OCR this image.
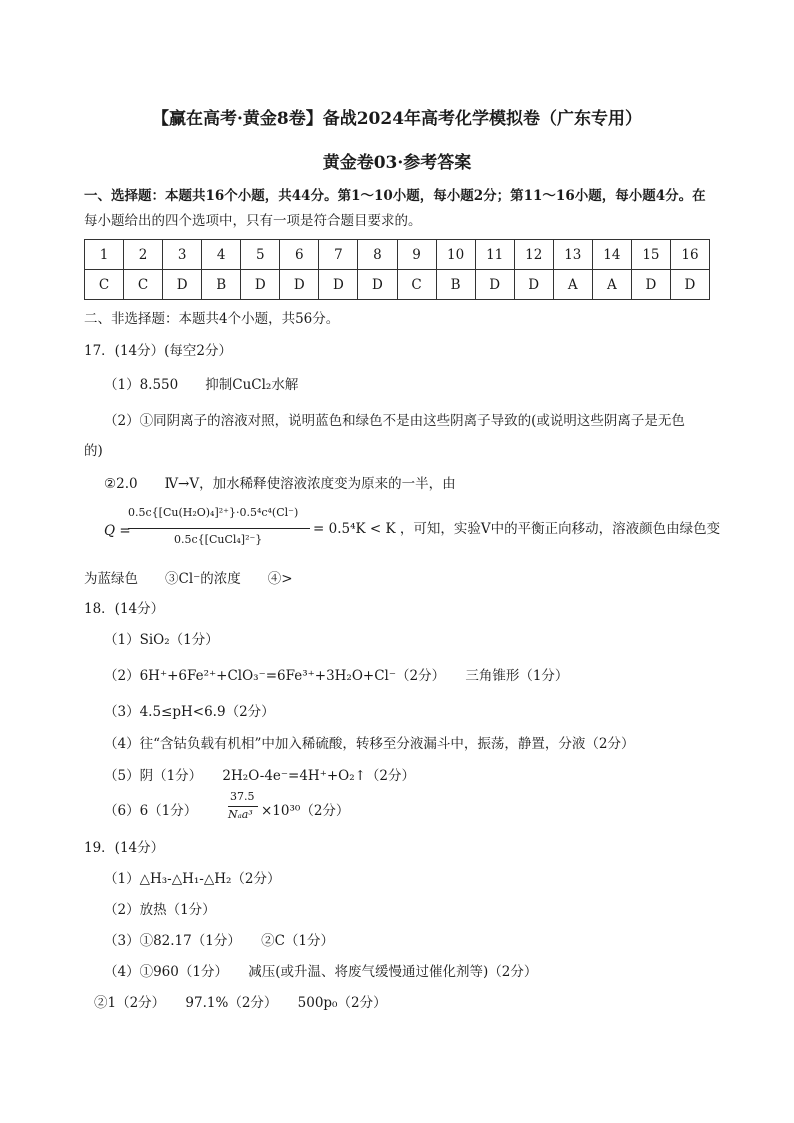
【赢在高考·黄金8卷】备战2024年高考化学模拟卷（广东专用）
黄金卷03·参考答案
一、选择题：本题共16个小题，共44分。第1～10小题，每小题2分；第11～16小题，每小题4分。在
每小题给出的四个选项中，只有一项是符合题目要求的。
1	2	3	4	5	6	7	8	9	10	11	12	13	14	15	16
C	C	D	B	D	D	D	D	C	B	D	D	A	A	D	D
二、非选择题：本题共4个小题，共56分。
17．(14分）(每空2分）
（1）8.550　　抑制CuCl₂水解
（2）①同阴离子的溶液对照，说明蓝色和绿色不是由这些阴离子导致的(或说明这些阴离子是无色
的)
②2.0　　Ⅳ→Ⅴ，加水稀释使溶液浓度变为原来的一半，由
Q =
0.5c{[Cu(H₂O)₄]²⁺}·0.5⁴c⁴(Cl⁻)
0.5c{[CuCl₄]²⁻}
= 0.5⁴K < K ，可知，实验Ⅴ中的平衡正向移动，溶液颜色由绿色变
为蓝绿色　　③Cl⁻的浓度　　④>
18．(14分）
（1）SiO₂（1分）
（2）6H⁺+6Fe²⁺+ClO₃⁻=6Fe³⁺+3H₂O+Cl⁻（2分）　　三角锥形（1分）
（3）4.5≤pH<6.9（2分）
（4）往“含钴负载有机相”中加入稀硫酸，转移至分液漏斗中，振荡，静置，分液（2分）
（5）阴（1分）　　2H₂O-4e⁻=4H⁺+O₂↑（2分）
（6）6（1分）
37.5
Nₐa³ ×10³⁰（2分）
19．(14分）
（1）△H₃-△H₁-△H₂（2分）
（2）放热（1分）
（3）①82.17（1分）　　②C（1分）
（4）①960（1分）　　减压(或升温、将废气缓慢通过催化剂等)（2分）
②1（2分）　　97.1%（2分）　　500p₀（2分）
